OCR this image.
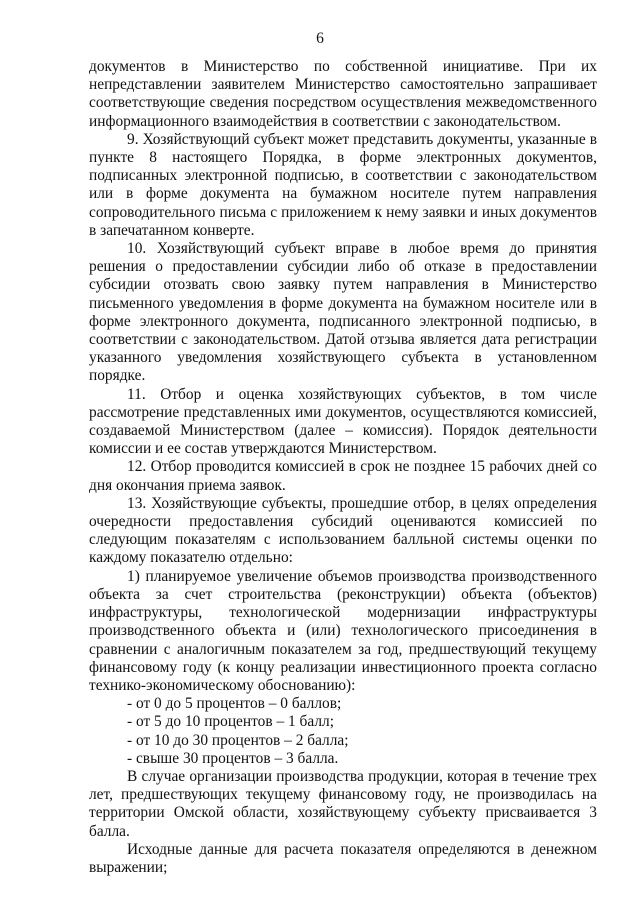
6

документов в Министерство по собственной инициативе. При их непредставлении заявителем Министерство самостоятельно запрашивает соответствующие сведения посредством осуществления межведомственного информационного взаимодействия в соответствии с законодательством.

9. Хозяйствующий субъект может представить документы, указанные в пункте 8 настоящего Порядка, в форме электронных документов, подписанных электронной подписью, в соответствии с законодательством или в форме документа на бумажном носителе путем направления сопроводительного письма с приложением к нему заявки и иных документов в запечатанном конверте.

10. Хозяйствующий субъект вправе в любое время до принятия решения о предоставлении субсидии либо об отказе в предоставлении субсидии отозвать свою заявку путем направления в Министерство письменного уведомления в форме документа на бумажном носителе или в форме электронного документа, подписанного электронной подписью, в соответствии с законодательством. Датой отзыва является дата регистрации указанного уведомления хозяйствующего субъекта в установленном порядке.

11. Отбор и оценка хозяйствующих субъектов, в том числе рассмотрение представленных ими документов, осуществляются комиссией, создаваемой Министерством (далее – комиссия). Порядок деятельности комиссии и ее состав утверждаются Министерством.

12. Отбор проводится комиссией в срок не позднее 15 рабочих дней со дня окончания приема заявок.

13. Хозяйствующие субъекты, прошедшие отбор, в целях определения очередности предоставления субсидий оцениваются комиссией по следующим показателям с использованием балльной системы оценки по каждому показателю отдельно:

1) планируемое увеличение объемов производства производственного объекта за счет строительства (реконструкции) объекта (объектов) инфраструктуры, технологической модернизации инфраструктуры производственного объекта и (или) технологического присоединения в сравнении с аналогичным показателем за год, предшествующий текущему финансовому году (к концу реализации инвестиционного проекта согласно технико-экономическому обоснованию):

- от 0 до 5 процентов – 0 баллов;

- от 5 до 10 процентов – 1 балл;

- от 10 до 30 процентов – 2 балла;

- свыше 30 процентов – 3 балла.

В случае организации производства продукции, которая в течение трех лет, предшествующих текущему финансовому году, не производилась на территории Омской области, хозяйствующему субъекту присваивается 3 балла.

Исходные данные для расчета показателя определяются в денежном выражении;
